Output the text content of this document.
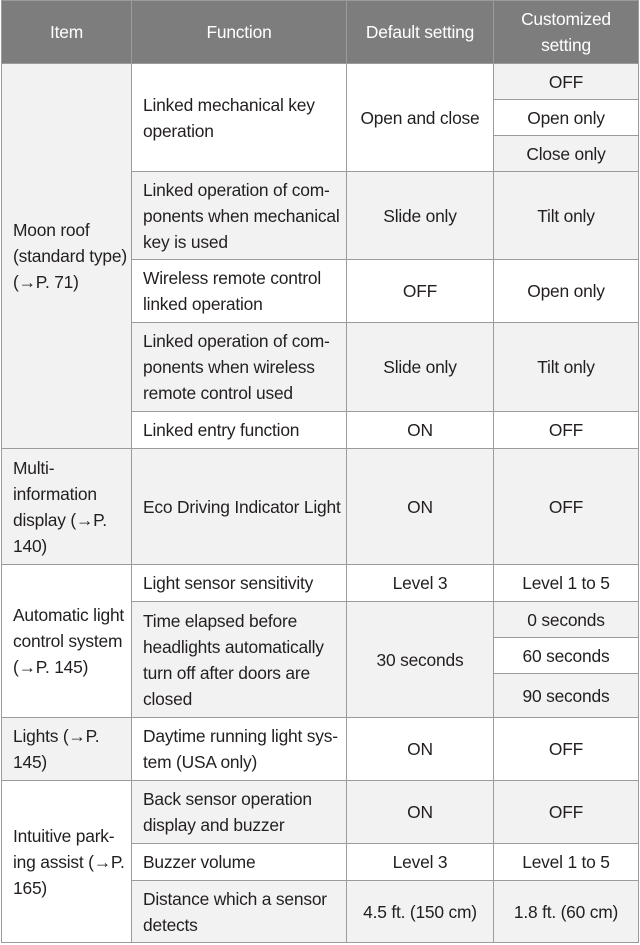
Item	Function	Default setting	Customized setting
Moon roof (standard type) (→P. 71)	Linked mechanical key operation	Open and close	OFF
			Open only
			Close only
	Linked operation of com-ponents when mechanical key is used	Slide only	Tilt only
	Wireless remote control linked operation	OFF	Open only
	Linked operation of com-ponents when wireless remote control used	Slide only	Tilt only
	Linked entry function	ON	OFF
Multi-information display (→P. 140)	Eco Driving Indicator Light	ON	OFF
Automatic light control system (→P. 145)	Light sensor sensitivity	Level 3	Level 1 to 5
	Time elapsed before headlights automatically turn off after doors are closed	30 seconds	0 seconds
			60 seconds
			90 seconds
Lights (→P. 145)	Daytime running light sys-tem (USA only)	ON	OFF
Intuitive park-ing assist (→P. 165)	Back sensor operation display and buzzer	ON	OFF
	Buzzer volume	Level 3	Level 1 to 5
	Distance which a sensor detects	4.5 ft. (150 cm)	1.8 ft. (60 cm)
